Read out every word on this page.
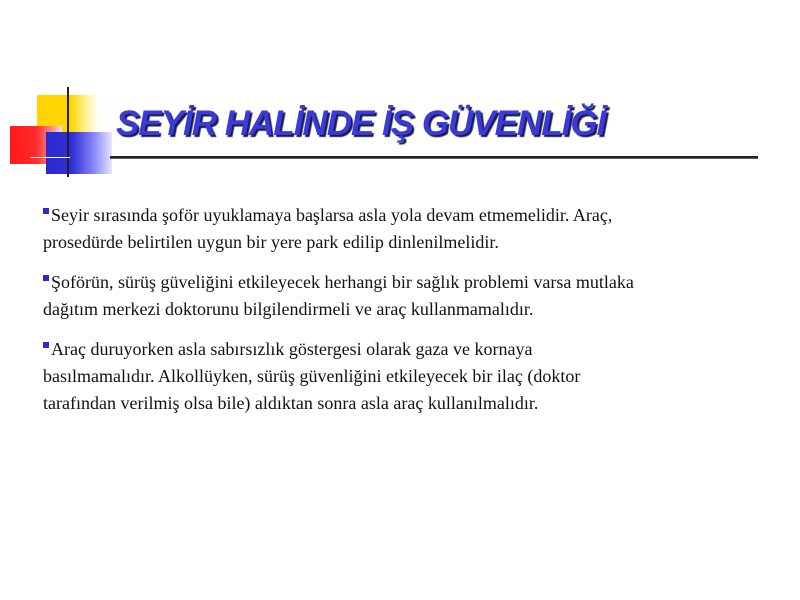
SEYİR HALİNDE İŞ GÜVENLİĞİ

Seyir sırasında şoför uyuklamaya başlarsa asla yola devam etmemelidir. Araç,
prosedürde belirtilen uygun bir yere park edilip dinlenilmelidir.

Şoförün, sürüş güveliğini etkileyecek herhangi bir sağlık problemi varsa mutlaka
dağıtım merkezi doktorunu bilgilendirmeli ve araç kullanmamalıdır.

Araç duruyorken asla sabırsızlık göstergesi olarak gaza ve kornaya
basılmamalıdır. Alkollüyken, sürüş güvenliğini etkileyecek bir ilaç (doktor
tarafından verilmiş olsa bile) aldıktan sonra asla araç kullanılmalıdır.
